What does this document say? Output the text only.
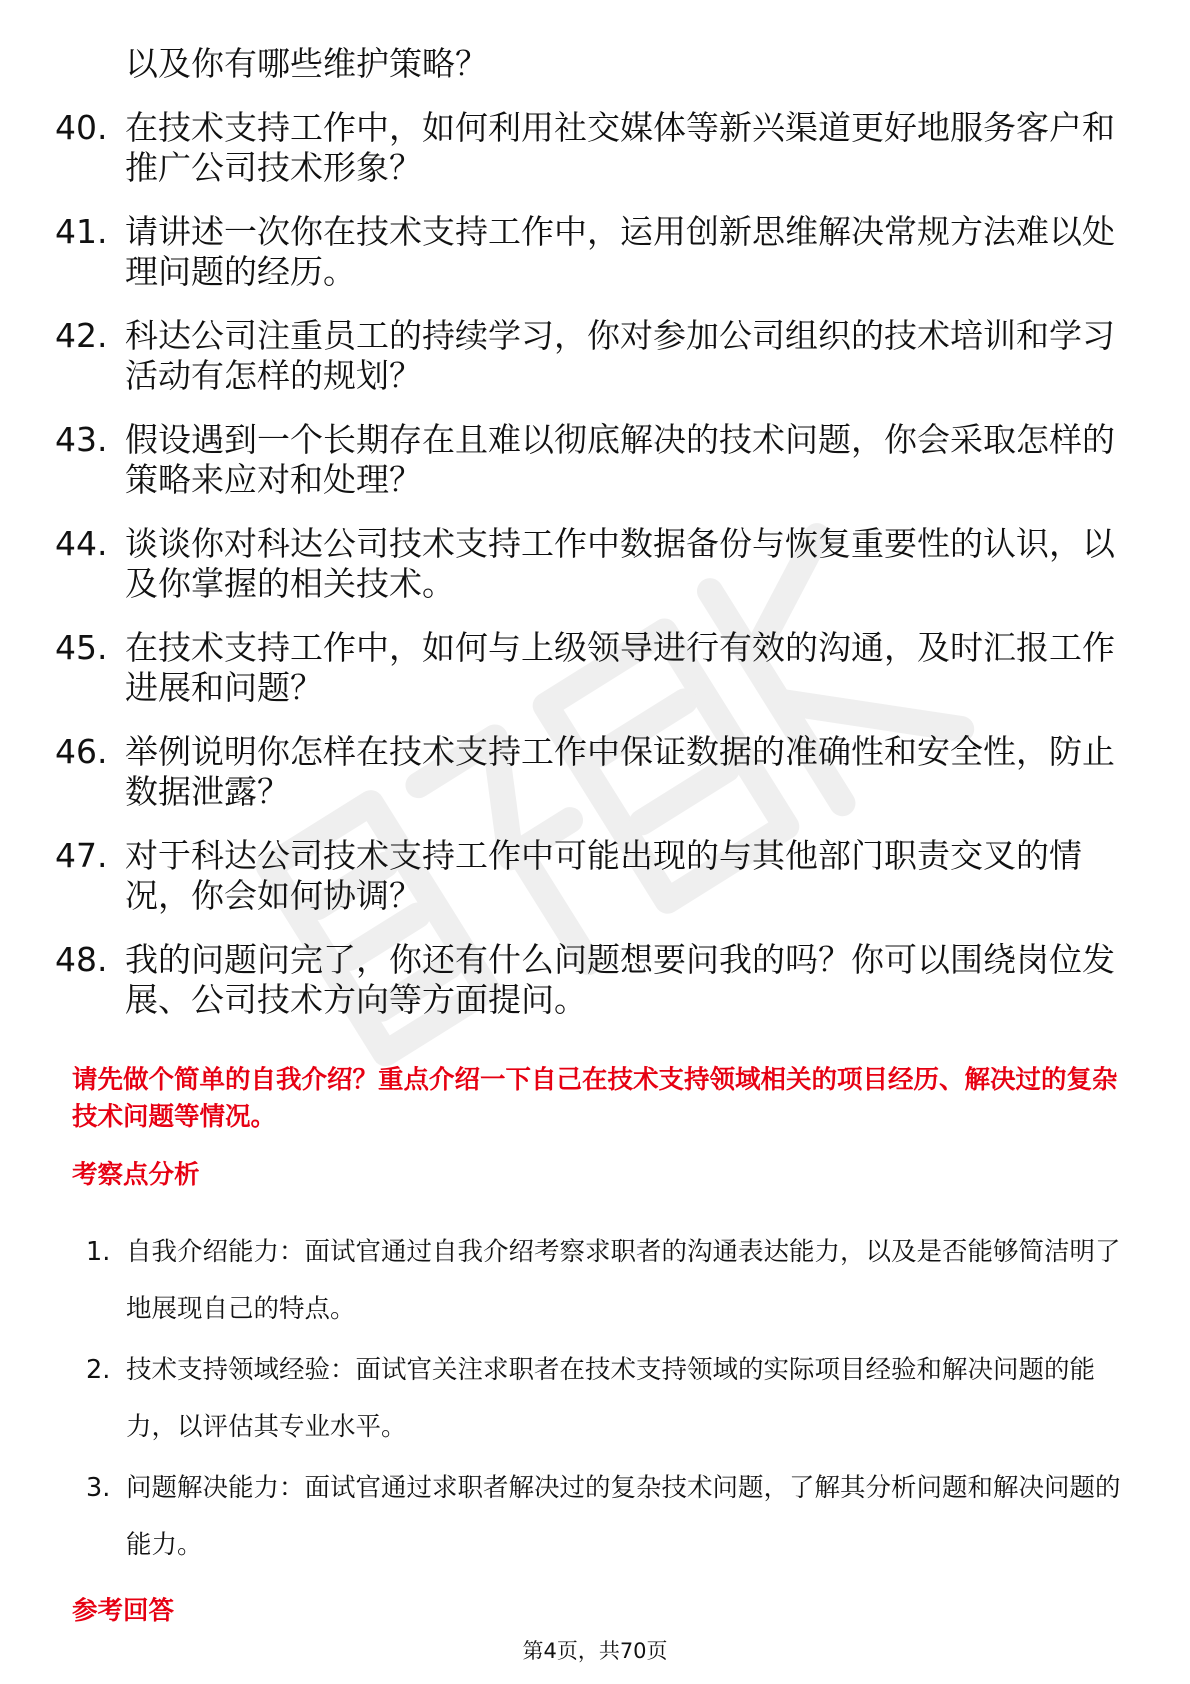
以及你有哪些维护策略？
40. 在技术支持工作中，如何利用社交媒体等新兴渠道更好地服务客户和推广公司技术形象？
41. 请讲述一次你在技术支持工作中，运用创新思维解决常规方法难以处理问题的经历。
42. 科达公司注重员工的持续学习，你对参加公司组织的技术培训和学习活动有怎样的规划？
43. 假设遇到一个长期存在且难以彻底解决的技术问题，你会采取怎样的策略来应对和处理？
44. 谈谈你对科达公司技术支持工作中数据备份与恢复重要性的认识，以及你掌握的相关技术。
45. 在技术支持工作中，如何与上级领导进行有效的沟通，及时汇报工作进展和问题？
46. 举例说明你怎样在技术支持工作中保证数据的准确性和安全性，防止数据泄露？
47. 对于科达公司技术支持工作中可能出现的与其他部门职责交叉的情况，你会如何协调？
48. 我的问题问完了，你还有什么问题想要问我的吗？你可以围绕岗位发展、公司技术方向等方面提问。
请先做个简单的自我介绍？重点介绍一下自己在技术支持领域相关的项目经历、解决过的复杂技术问题等情况。
考察点分析
1. 自我介绍能力：面试官通过自我介绍考察求职者的沟通表达能力，以及是否能够简洁明了地展现自己的特点。
2. 技术支持领域经验：面试官关注求职者在技术支持领域的实际项目经验和解决问题的能力，以评估其专业水平。
3. 问题解决能力：面试官通过求职者解决过的复杂技术问题，了解其分析问题和解决问题的能力。
参考回答
第4页，共70页
